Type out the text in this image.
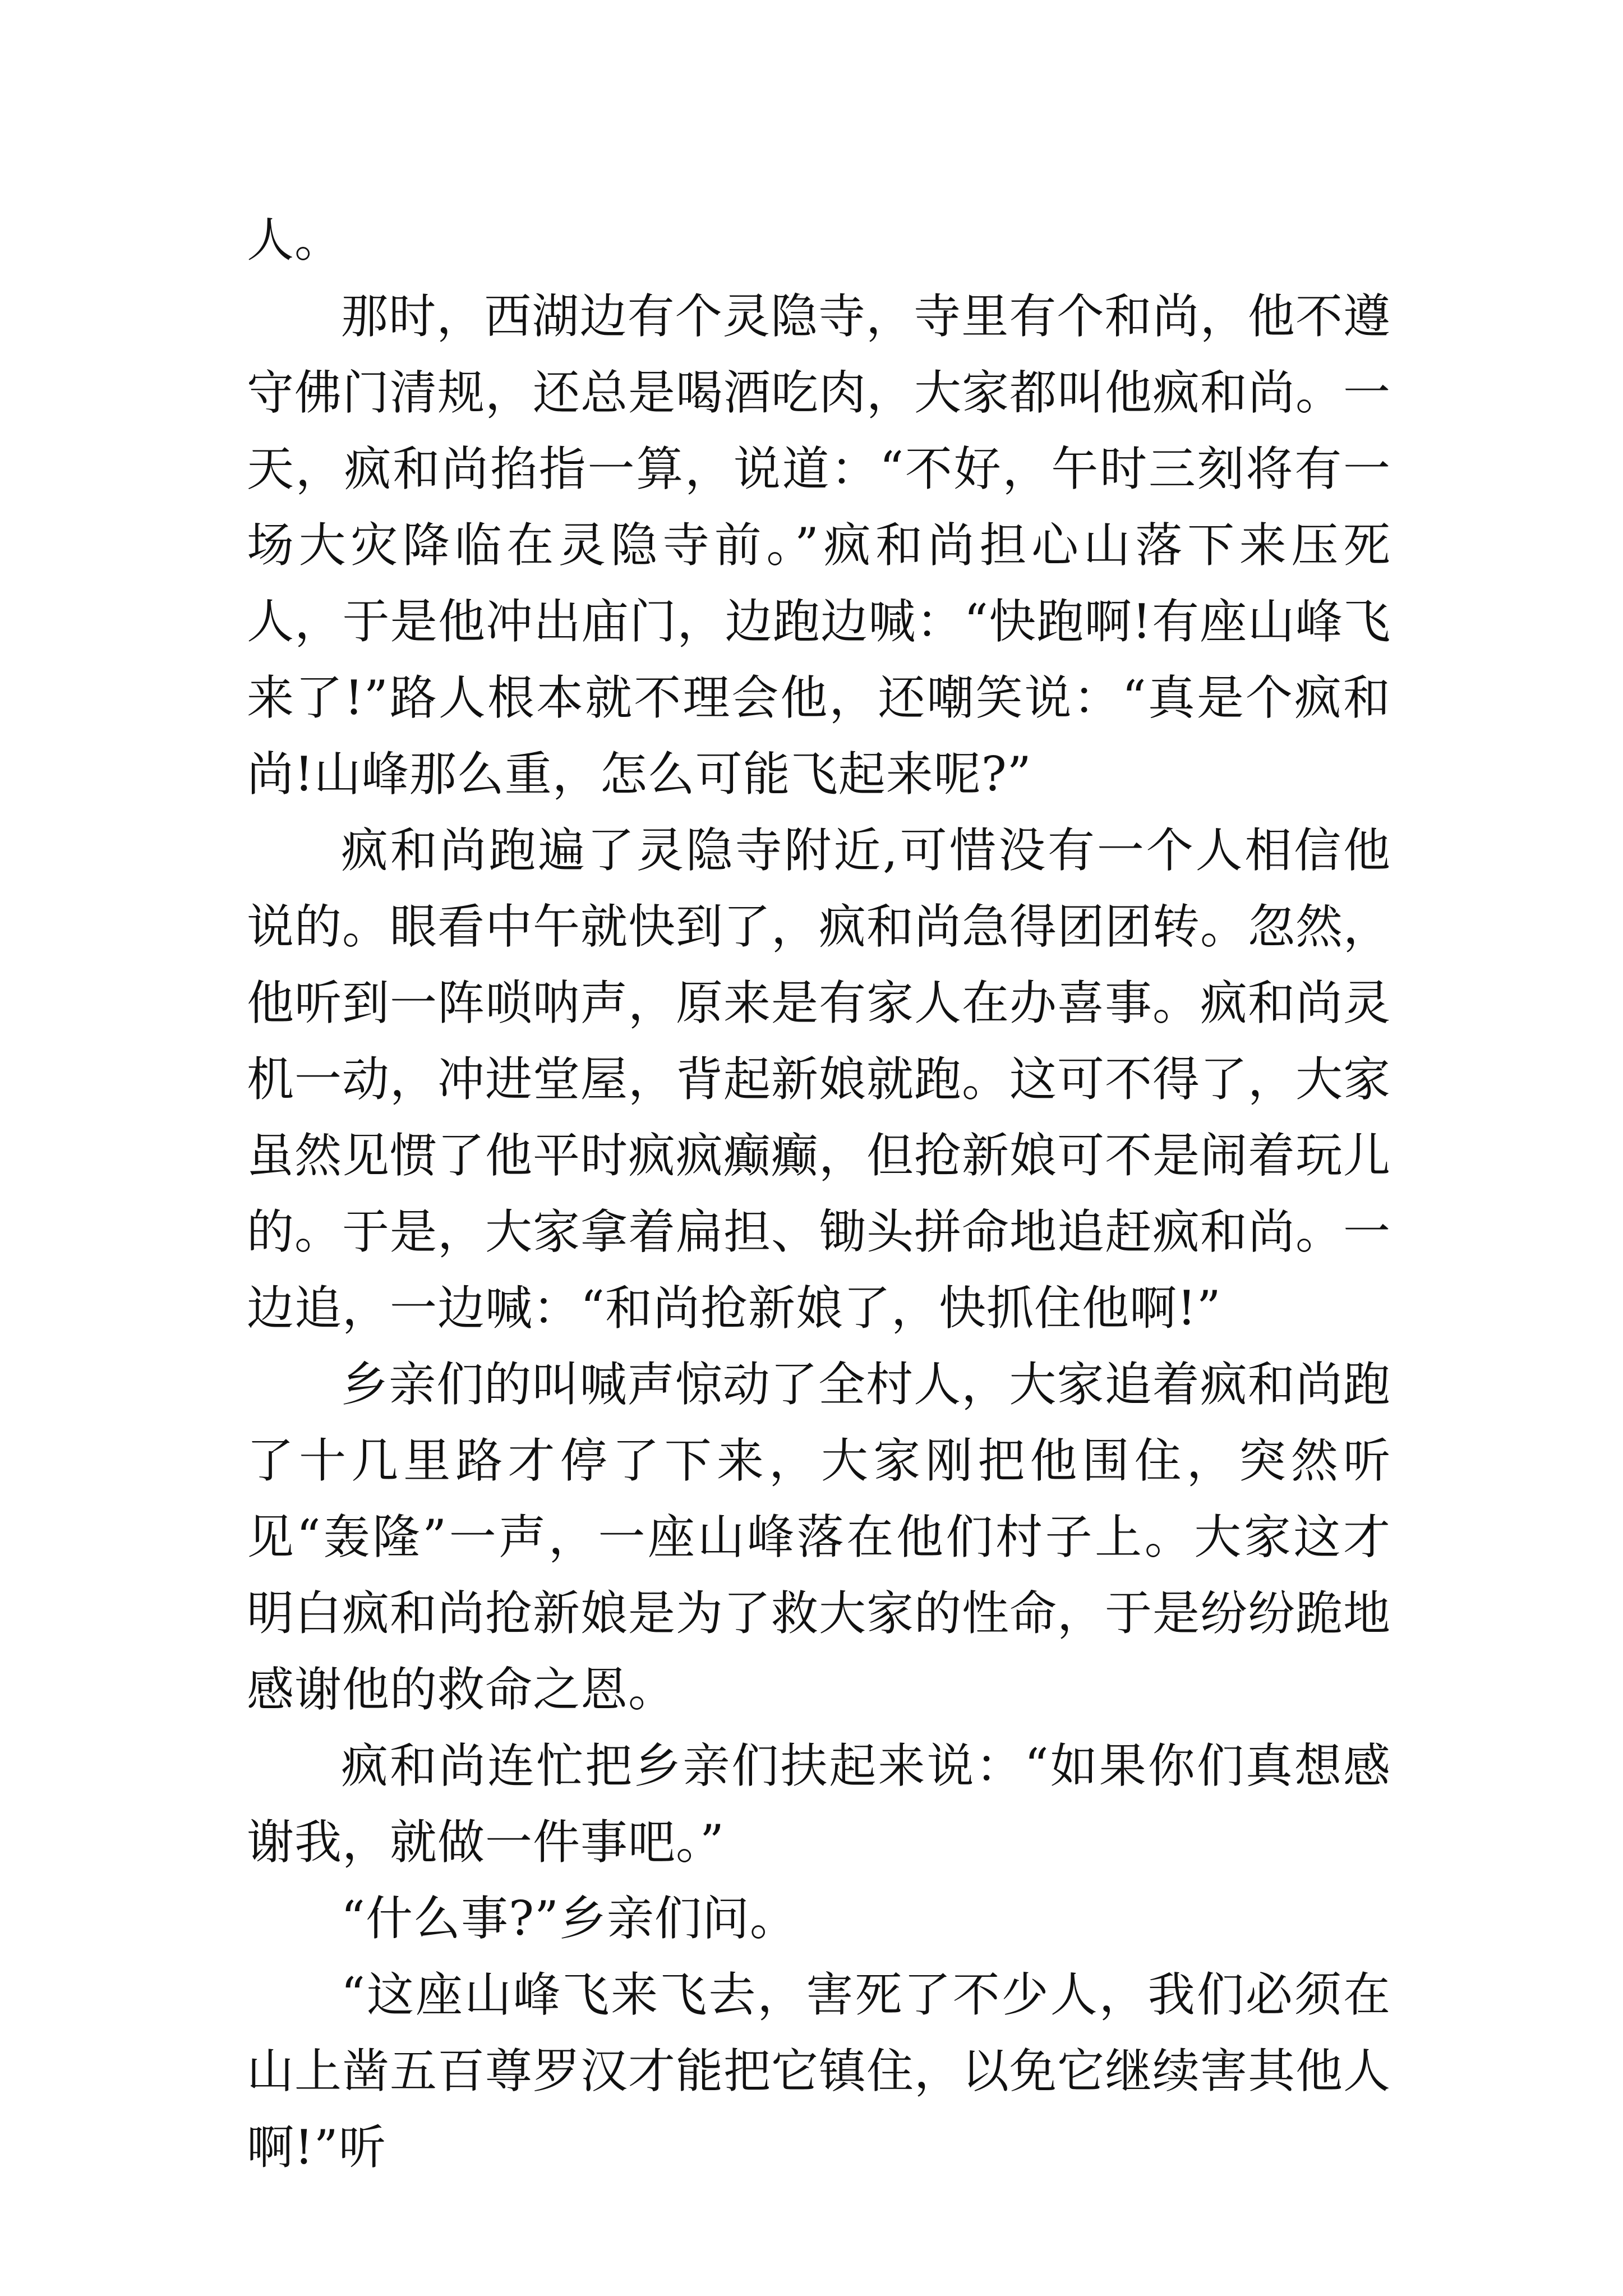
人。

那时，西湖边有个灵隐寺，寺里有个和尚，他不遵守佛门清规，还总是喝酒吃肉，大家都叫他疯和尚。一天，疯和尚掐指一算，说道：“不好，午时三刻将有一场大灾降临在灵隐寺前。”疯和尚担心山落下来压死人，于是他冲出庙门，边跑边喊：“快跑啊!有座山峰飞来了!”路人根本就不理会他，还嘲笑说：“真是个疯和尚!山峰那么重，怎么可能飞起来呢?”

疯和尚跑遍了灵隐寺附近,可惜没有一个人相信他说的。眼看中午就快到了，疯和尚急得团团转。忽然，他听到一阵唢呐声，原来是有家人在办喜事。疯和尚灵机一动，冲进堂屋，背起新娘就跑。这可不得了，大家虽然见惯了他平时疯疯癫癫，但抢新娘可不是闹着玩儿的。于是，大家拿着扁担、锄头拼命地追赶疯和尚。一边追，一边喊：“和尚抢新娘了，快抓住他啊!”

乡亲们的叫喊声惊动了全村人，大家追着疯和尚跑了十几里路才停了下来，大家刚把他围住，突然听见“轰隆”一声，一座山峰落在他们村子上。大家这才明白疯和尚抢新娘是为了救大家的性命，于是纷纷跪地感谢他的救命之恩。

疯和尚连忙把乡亲们扶起来说：“如果你们真想感谢我，就做一件事吧。”

“什么事?”乡亲们问。

“这座山峰飞来飞去，害死了不少人，我们必须在山上凿五百尊罗汉才能把它镇住，以免它继续害其他人啊!”听
